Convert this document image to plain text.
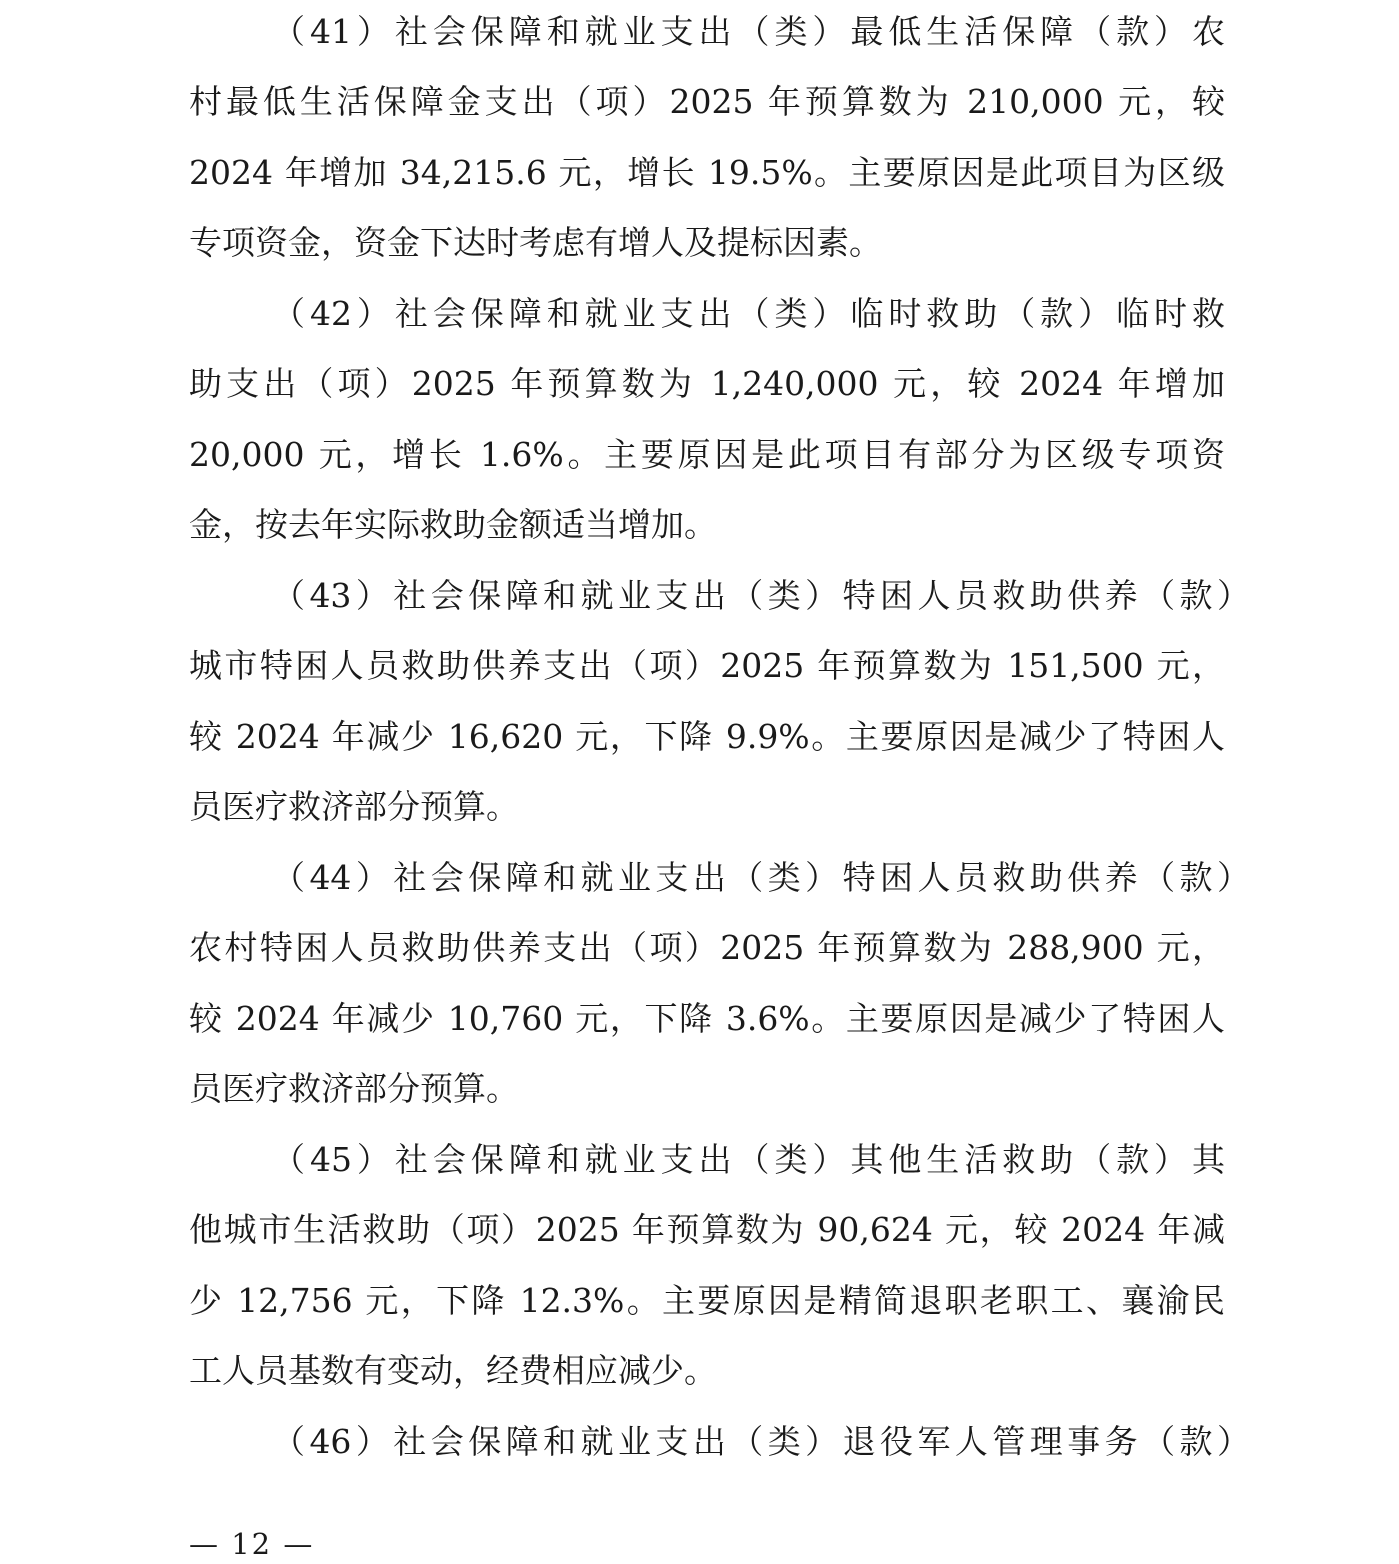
（41）社会保障和就业支出（类）最低生活保障（款）农
村最低生活保障金支出（项）2025 年预算数为 210,000 元，较
2024 年增加 34,215.6 元，增长 19.5%。主要原因是此项目为区级
专项资金，资金下达时考虑有增人及提标因素。
（42）社会保障和就业支出（类）临时救助（款）临时救
助支出（项）2025 年预算数为 1,240,000 元，较 2024 年增加
20,000 元，增长 1.6%。主要原因是此项目有部分为区级专项资
金，按去年实际救助金额适当增加。
（43）社会保障和就业支出（类）特困人员救助供养（款）
城市特困人员救助供养支出（项）2025 年预算数为 151,500 元，
较 2024 年减少 16,620 元，下降 9.9%。主要原因是减少了特困人
员医疗救济部分预算。
（44）社会保障和就业支出（类）特困人员救助供养（款）
农村特困人员救助供养支出（项）2025 年预算数为 288,900 元，
较 2024 年减少 10,760 元，下降 3.6%。主要原因是减少了特困人
员医疗救济部分预算。
（45）社会保障和就业支出（类）其他生活救助（款）其
他城市生活救助（项）2025 年预算数为 90,624 元，较 2024 年减
少 12,756 元，下降 12.3%。主要原因是精简退职老职工、襄渝民
工人员基数有变动，经费相应减少。
（46）社会保障和就业支出（类）退役军人管理事务（款）
— 12 —
